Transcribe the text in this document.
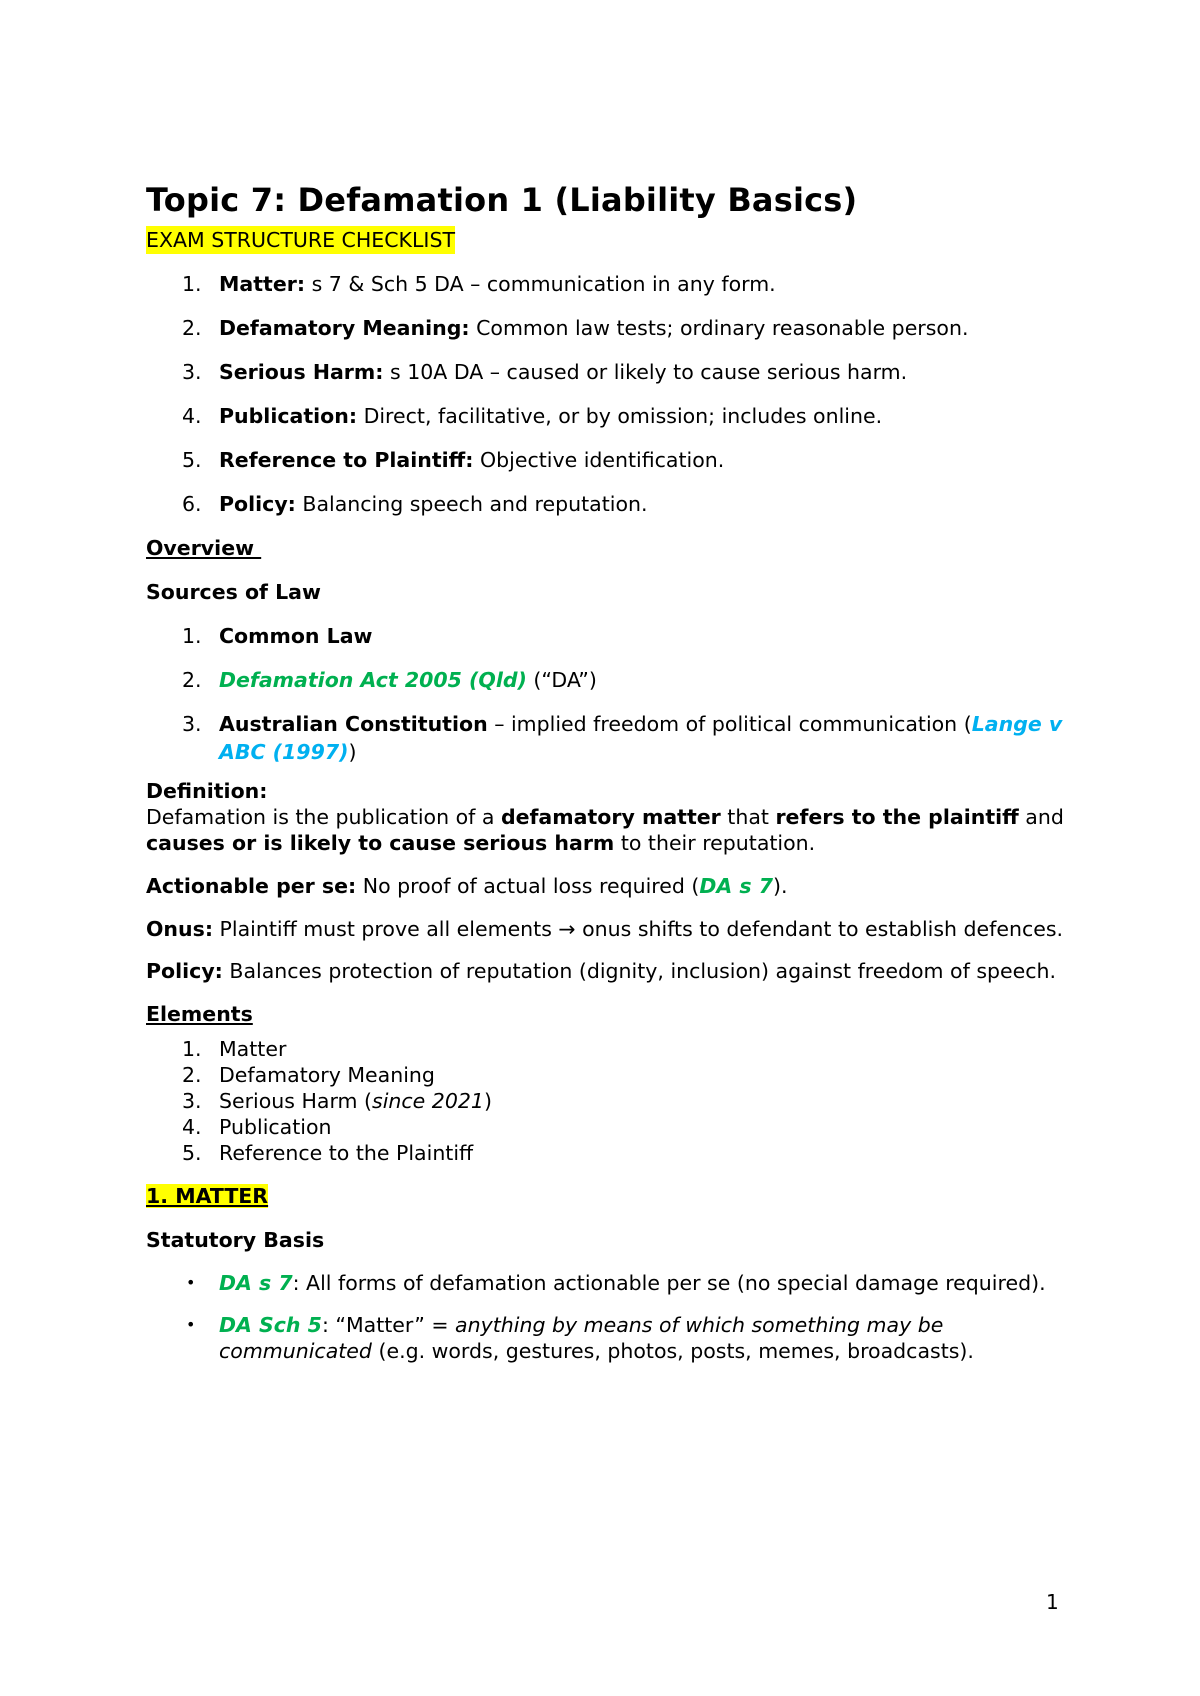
Topic 7: Defamation 1 (Liability Basics)
EXAM STRUCTURE CHECKLIST
1. Matter: s 7 & Sch 5 DA – communication in any form.
2. Defamatory Meaning: Common law tests; ordinary reasonable person.
3. Serious Harm: s 10A DA – caused or likely to cause serious harm.
4. Publication: Direct, facilitative, or by omission; includes online.
5. Reference to Plaintiff: Objective identification.
6. Policy: Balancing speech and reputation.

Overview

Sources of Law

1. Common Law
2. Defamation Act 2005 (Qld) (“DA”)
3. Australian Constitution – implied freedom of political communication (Lange v ABC (1997))

Definition:
Defamation is the publication of a defamatory matter that refers to the plaintiff and causes or is likely to cause serious harm to their reputation.

Actionable per se: No proof of actual loss required (DA s 7).

Onus: Plaintiff must prove all elements → onus shifts to defendant to establish defences.

Policy: Balances protection of reputation (dignity, inclusion) against freedom of speech.

Elements

1. Matter
2. Defamatory Meaning
3. Serious Harm (since 2021)
4. Publication
5. Reference to the Plaintiff

1. MATTER

Statutory Basis

• DA s 7: All forms of defamation actionable per se (no special damage required).
• DA Sch 5: “Matter” = anything by means of which something may be communicated (e.g. words, gestures, photos, posts, memes, broadcasts).
1
